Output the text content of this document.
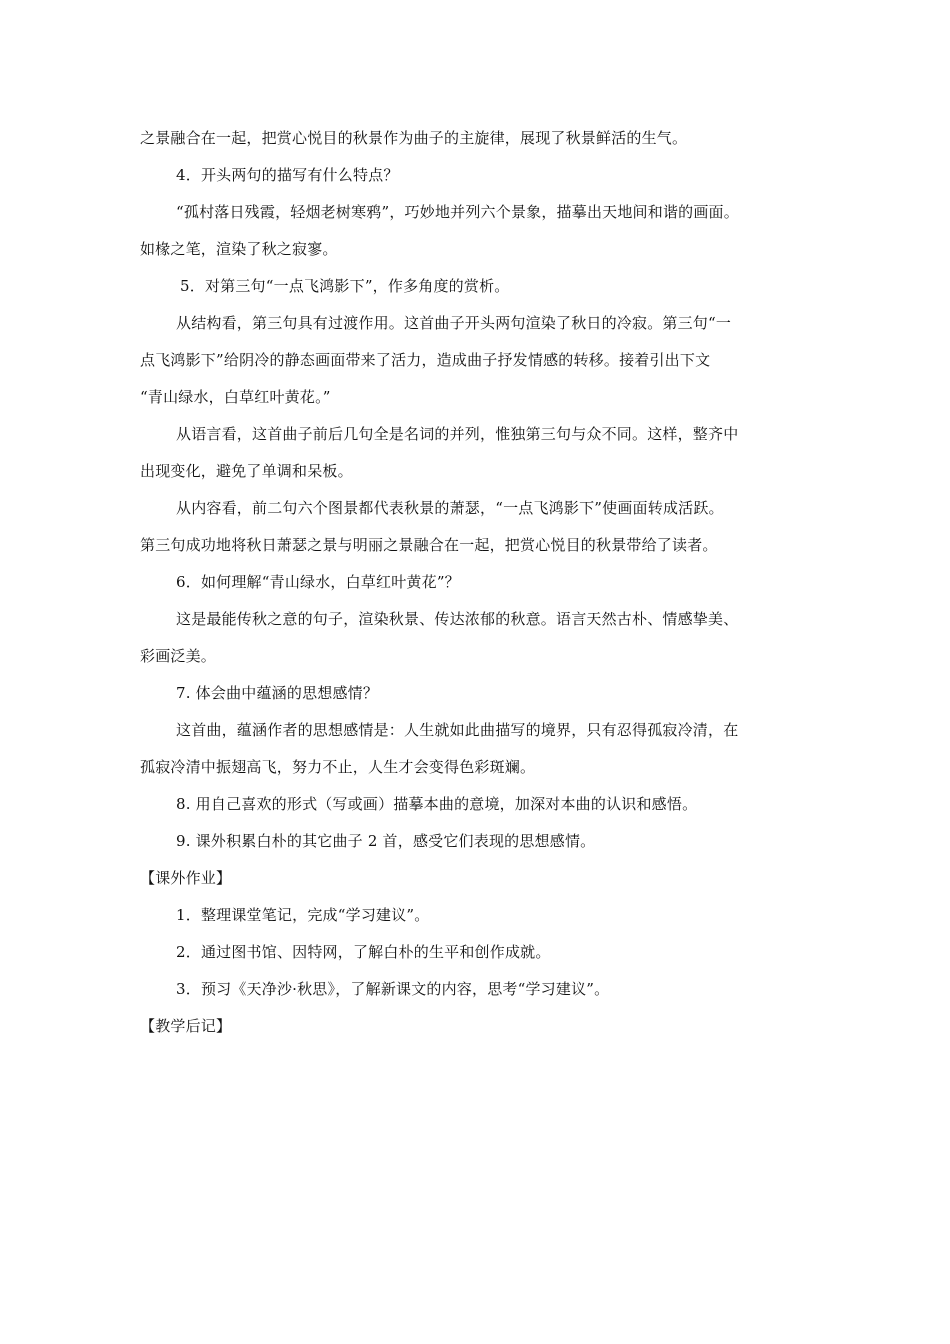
之景融合在一起，把赏心悦目的秋景作为曲子的主旋律，展现了秋景鲜活的生气。
4．开头两句的描写有什么特点？
“孤村落日残霞，轻烟老树寒鸦”，巧妙地并列六个景象，描摹出天地间和谐的画面。
如椽之笔，渲染了秋之寂寥。
5．对第三句“一点飞鸿影下”，作多角度的赏析。
从结构看，第三句具有过渡作用。这首曲子开头两句渲染了秋日的冷寂。第三句“一
点飞鸿影下”给阴冷的静态画面带来了活力，造成曲子抒发情感的转移。接着引出下文
“青山绿水，白草红叶黄花。”
从语言看，这首曲子前后几句全是名词的并列，惟独第三句与众不同。这样，整齐中
出现变化，避免了单调和呆板。
从内容看，前二句六个图景都代表秋景的萧瑟，“一点飞鸿影下”使画面转成活跃。
第三句成功地将秋日萧瑟之景与明丽之景融合在一起，把赏心悦目的秋景带给了读者。
6．如何理解“青山绿水，白草红叶黄花”？
这是最能传秋之意的句子，渲染秋景、传达浓郁的秋意。语言天然古朴、情感挚美、
彩画泛美。
7. 体会曲中蕴涵的思想感情？
这首曲，蕴涵作者的思想感情是：人生就如此曲描写的境界，只有忍得孤寂冷清，在
孤寂冷清中振翅高飞，努力不止，人生才会变得色彩斑斓。
8. 用自己喜欢的形式（写或画）描摹本曲的意境，加深对本曲的认识和感悟。
9. 课外积累白朴的其它曲子 2 首，感受它们表现的思想感情。
【课外作业】
1．整理课堂笔记，完成“学习建议”。
2．通过图书馆、因特网，了解白朴的生平和创作成就。
3．预习《天净沙·秋思》，了解新课文的内容，思考“学习建议”。
【教学后记】
